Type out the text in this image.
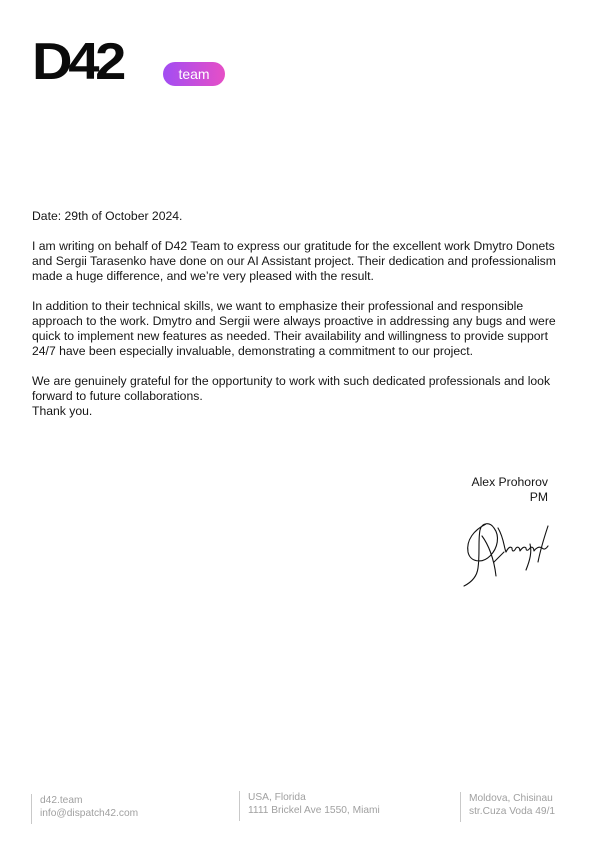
D42	team

Date: 29th of October 2024.

I am writing on behalf of D42 Team to express our gratitude for the excellent work Dmytro Donets and Sergii Tarasenko have done on our AI Assistant project. Their dedication and professionalism made a huge difference, and we’re very pleased with the result.

In addition to their technical skills, we want to emphasize their professional and responsible approach to the work. Dmytro and Sergii were always proactive in addressing any bugs and were quick to implement new features as needed. Their availability and willingness to provide support 24/7 have been especially invaluable, demonstrating a commitment to our project.

We are genuinely grateful for the opportunity to work with such dedicated professionals and look forward to future collaborations.

Thank you.

Alex Prohorov
PM
d42.team
info@dispatch42.com
USA, Florida
1111 Brickel Ave 1550, Miami
Moldova, Chisinau
str.Cuza Voda 49/1
